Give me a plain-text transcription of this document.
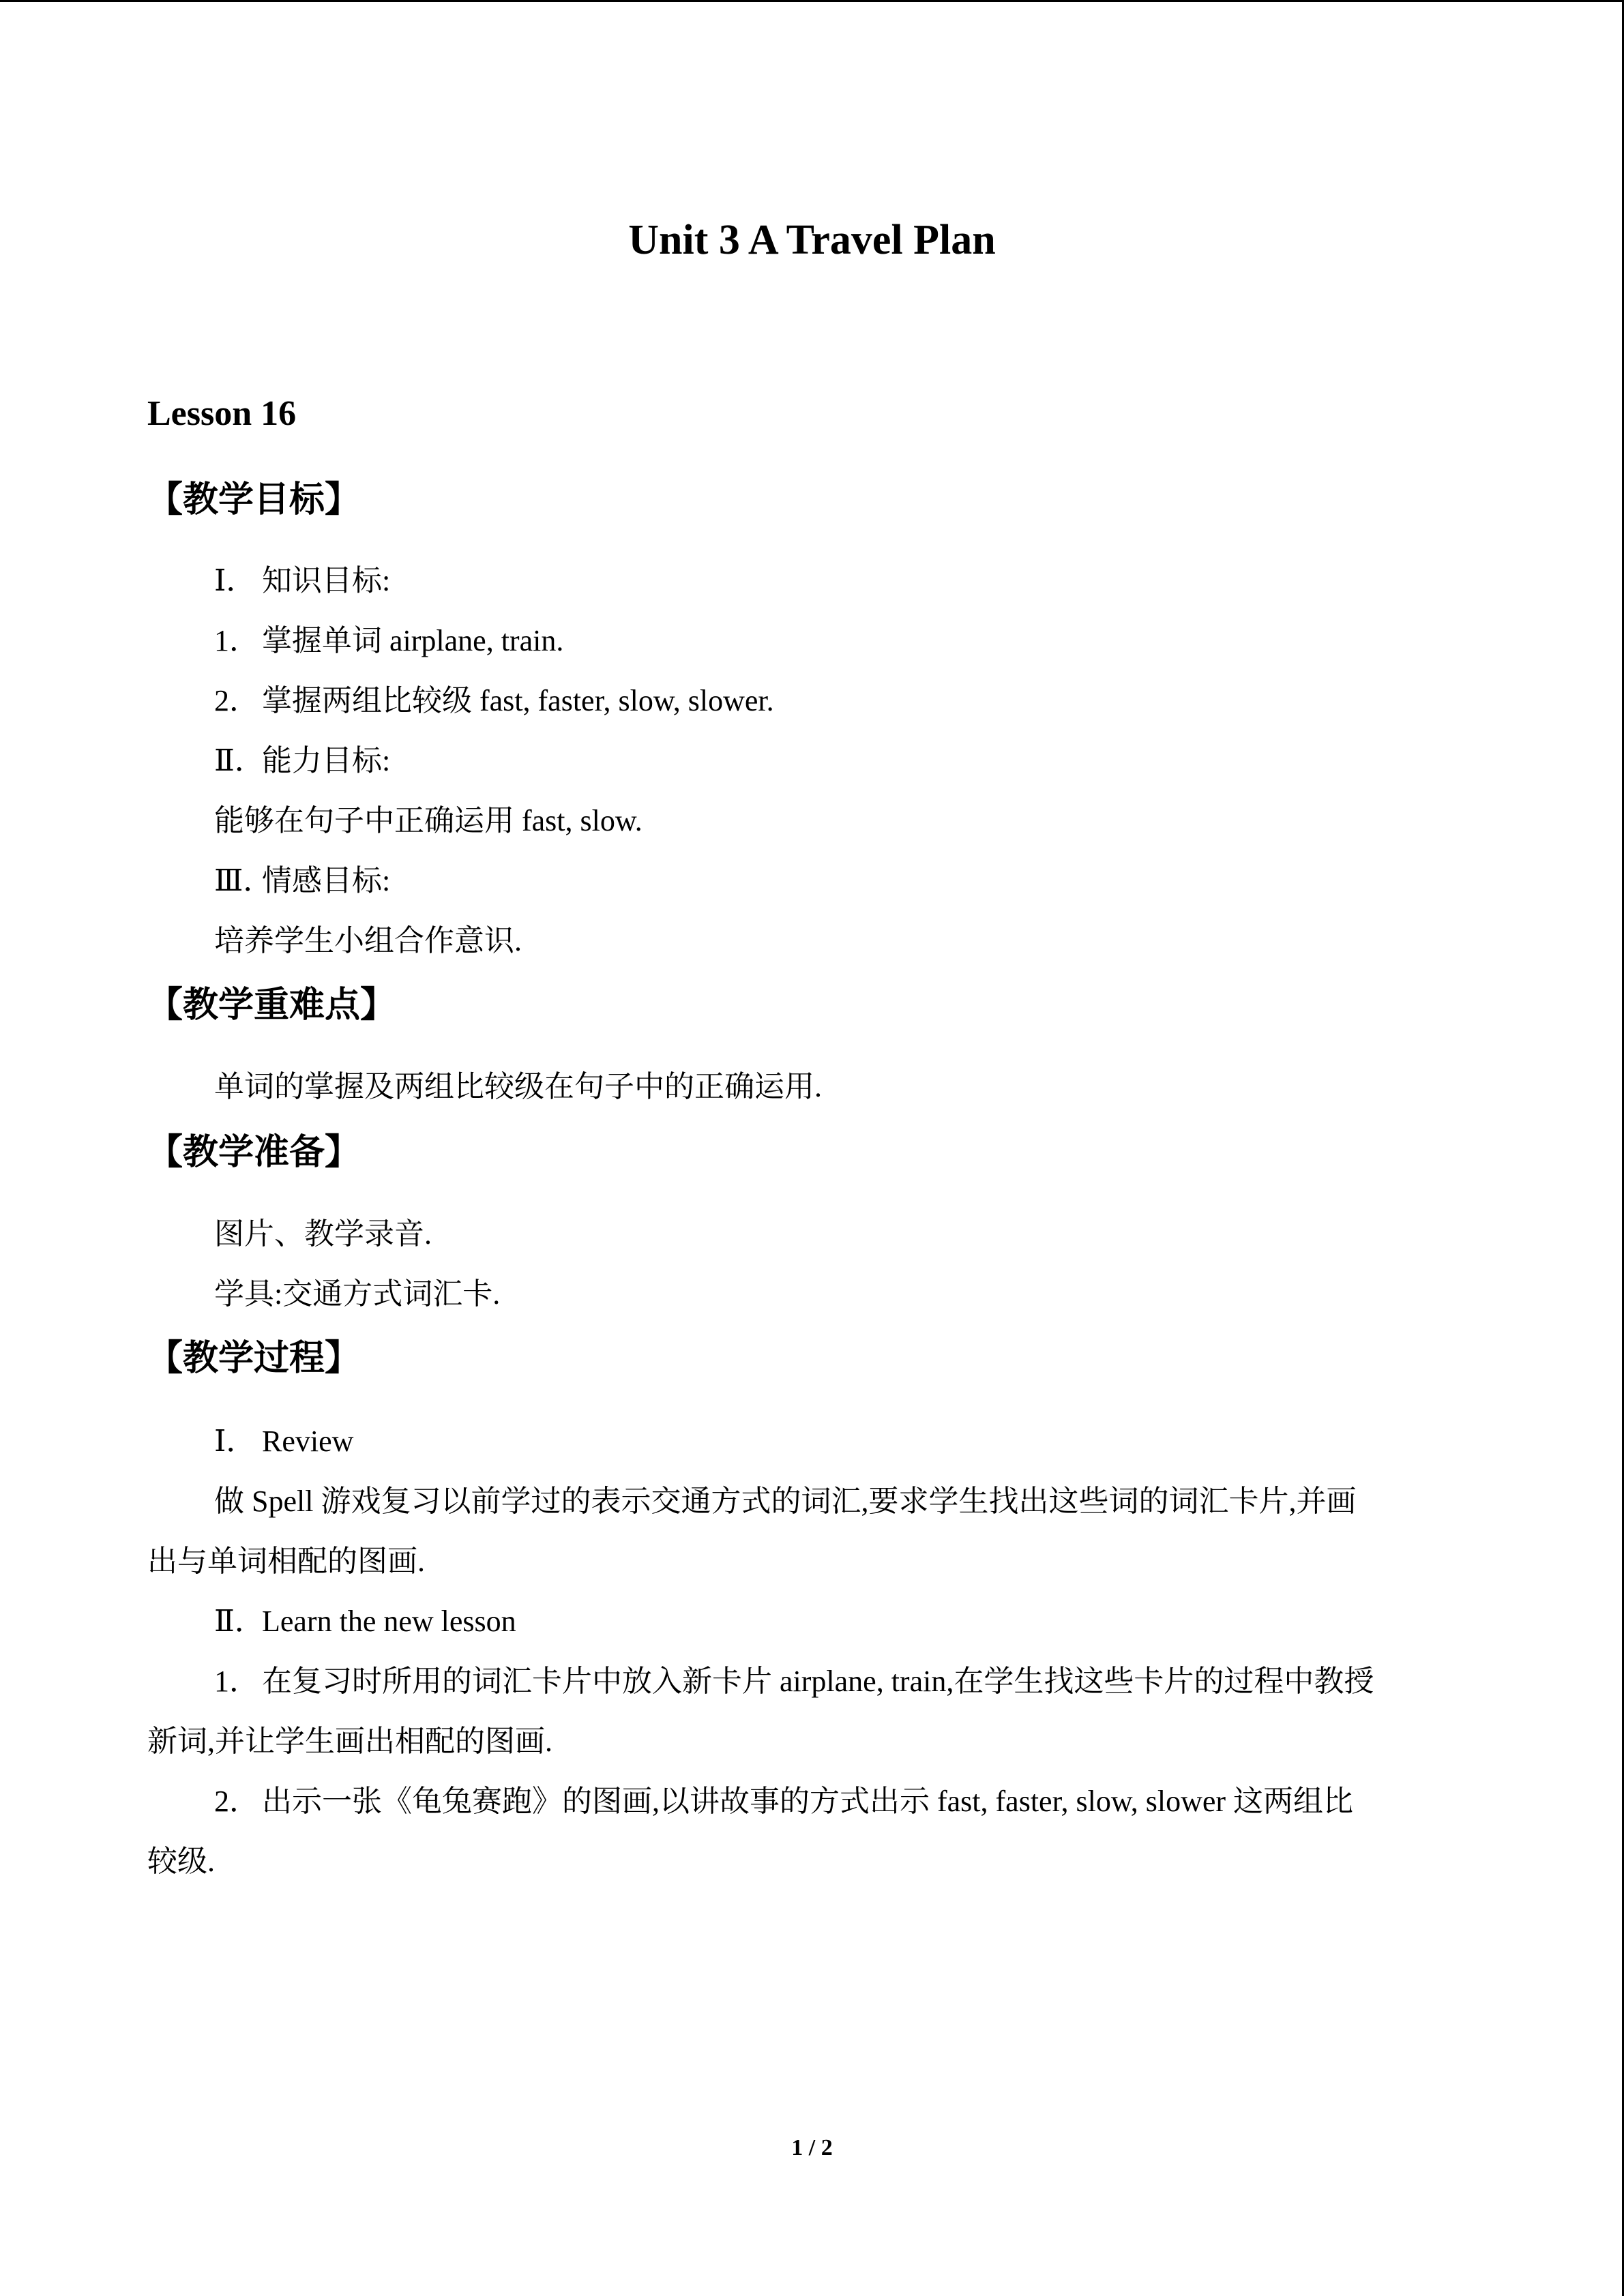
Unit 3 A Travel Plan
Lesson 16
【教学目标】
Ⅰ． 知识目标:
1．掌握单词 airplane, train.
2．掌握两组比较级 fast, faster, slow, slower.
Ⅱ．能力目标:
能够在句子中正确运用 fast, slow.
Ⅲ．情感目标:
培养学生小组合作意识.
【教学重难点】
单词的掌握及两组比较级在句子中的正确运用.
【教学准备】
图片、教学录音.
学具:交通方式词汇卡.
【教学过程】
Ⅰ． Review
做 Spell 游戏复习以前学过的表示交通方式的词汇,要求学生找出这些词的词汇卡片,并画
出与单词相配的图画.
Ⅱ．Learn the new lesson
1．在复习时所用的词汇卡片中放入新卡片 airplane, train,在学生找这些卡片的过程中教授
新词,并让学生画出相配的图画.
2．出示一张《龟兔赛跑》的图画,以讲故事的方式出示 fast, faster, slow, slower 这两组比
较级.
1 / 2
